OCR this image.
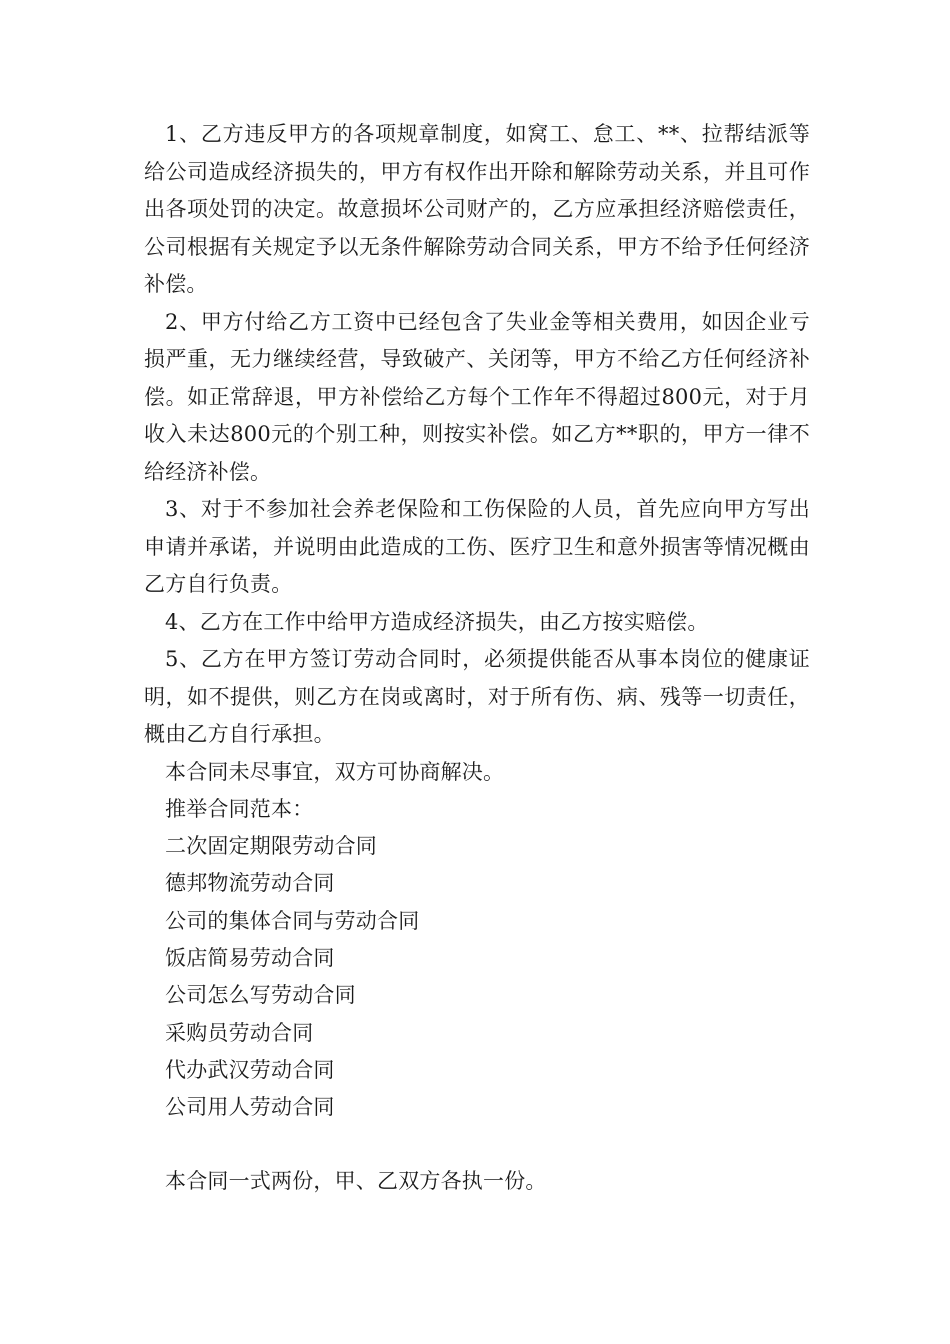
1、乙方违反甲方的各项规章制度，如窝工、怠工、**、拉帮结派等给公司造成经济损失的，甲方有权作出开除和解除劳动关系，并且可作出各项处罚的决定。故意损坏公司财产的，乙方应承担经济赔偿责任，公司根据有关规定予以无条件解除劳动合同关系，甲方不给予任何经济补偿。

2、甲方付给乙方工资中已经包含了失业金等相关费用，如因企业亏损严重，无力继续经营，导致破产、关闭等，甲方不给乙方任何经济补偿。如正常辞退，甲方补偿给乙方每个工作年不得超过800元，对于月收入未达800元的个别工种，则按实补偿。如乙方**职的，甲方一律不给经济补偿。

3、对于不参加社会养老保险和工伤保险的人员，首先应向甲方写出申请并承诺，并说明由此造成的工伤、医疗卫生和意外损害等情况概由乙方自行负责。

4、乙方在工作中给甲方造成经济损失，由乙方按实赔偿。

5、乙方在甲方签订劳动合同时，必须提供能否从事本岗位的健康证明，如不提供，则乙方在岗或离时，对于所有伤、病、残等一切责任，概由乙方自行承担。

本合同未尽事宜，双方可协商解决。

推举合同范本：

二次固定期限劳动合同

德邦物流劳动合同

公司的集体合同与劳动合同

饭店简易劳动合同

公司怎么写劳动合同

采购员劳动合同

代办武汉劳动合同

公司用人劳动合同

本合同一式两份，甲、乙双方各执一份。
